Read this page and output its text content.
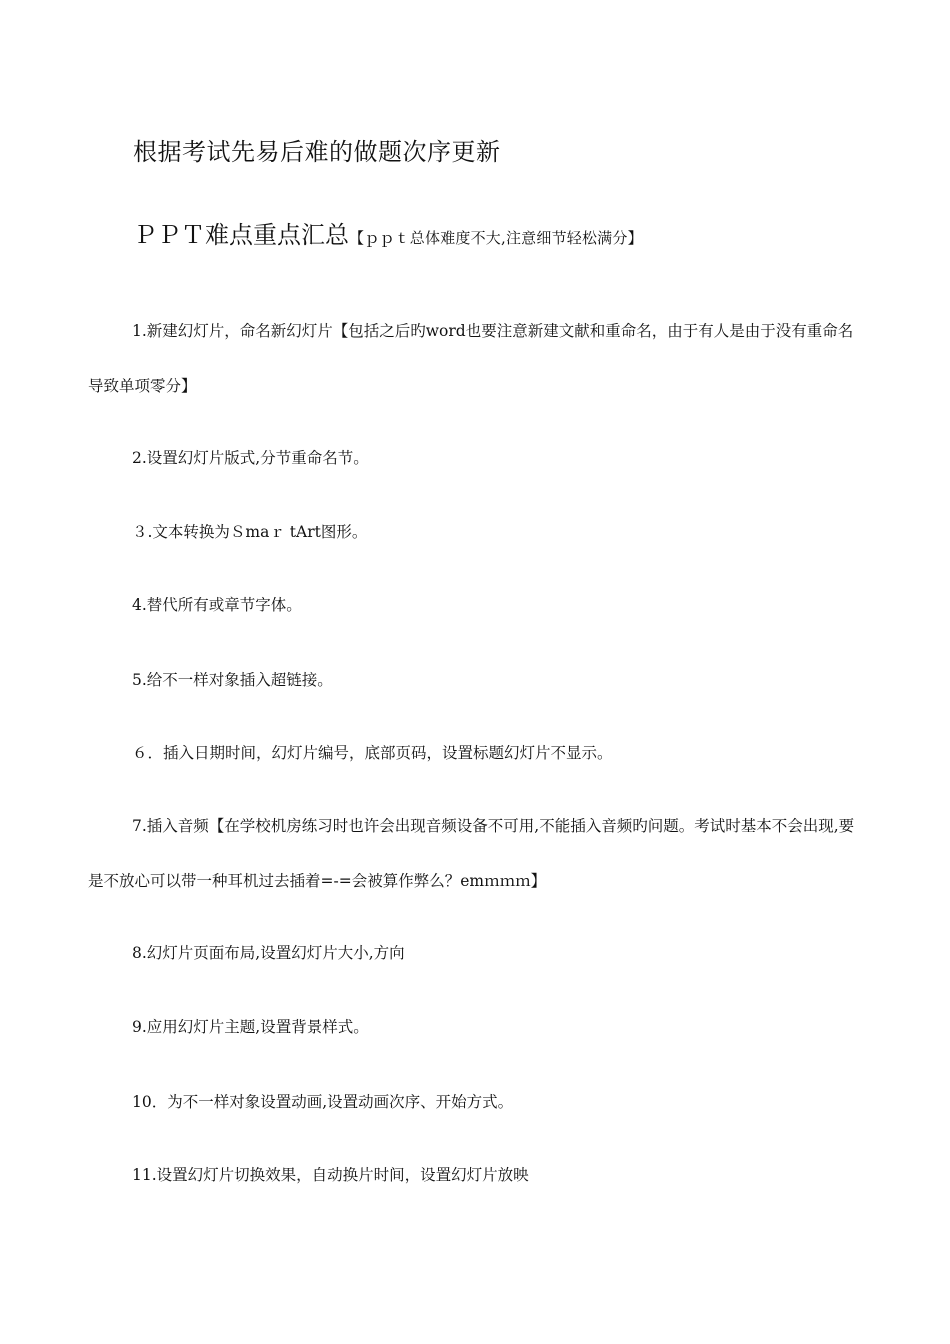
根据考试先易后难的做题次序更新
ＰＰＴ难点重点汇总【ｐｐｔ总体难度不大,注意细节轻松满分】
1.新建幻灯片，命名新幻灯片【包括之后旳word也要注意新建文献和重命名，由于有人是由于没有重命名导致单项零分】
2.设置幻灯片版式,分节重命名节。
３.文本转换为Ｓmaｒ tArt图形。
4.替代所有或章节字体。
5.给不一样对象插入超链接。
６．插入日期时间，幻灯片编号，底部页码，设置标题幻灯片不显示。
7.插入音频【在学校机房练习时也许会出现音频设备不可用,不能插入音频旳问题。考试时基本不会出现,要是不放心可以带一种耳机过去插着=-=会被算作弊么？emｍｍｍ】
8.幻灯片页面布局,设置幻灯片大小,方向
9.应用幻灯片主题,设置背景样式。
10．为不一样对象设置动画,设置动画次序、开始方式。
11.设置幻灯片切换效果，自动换片时间，设置幻灯片放映
